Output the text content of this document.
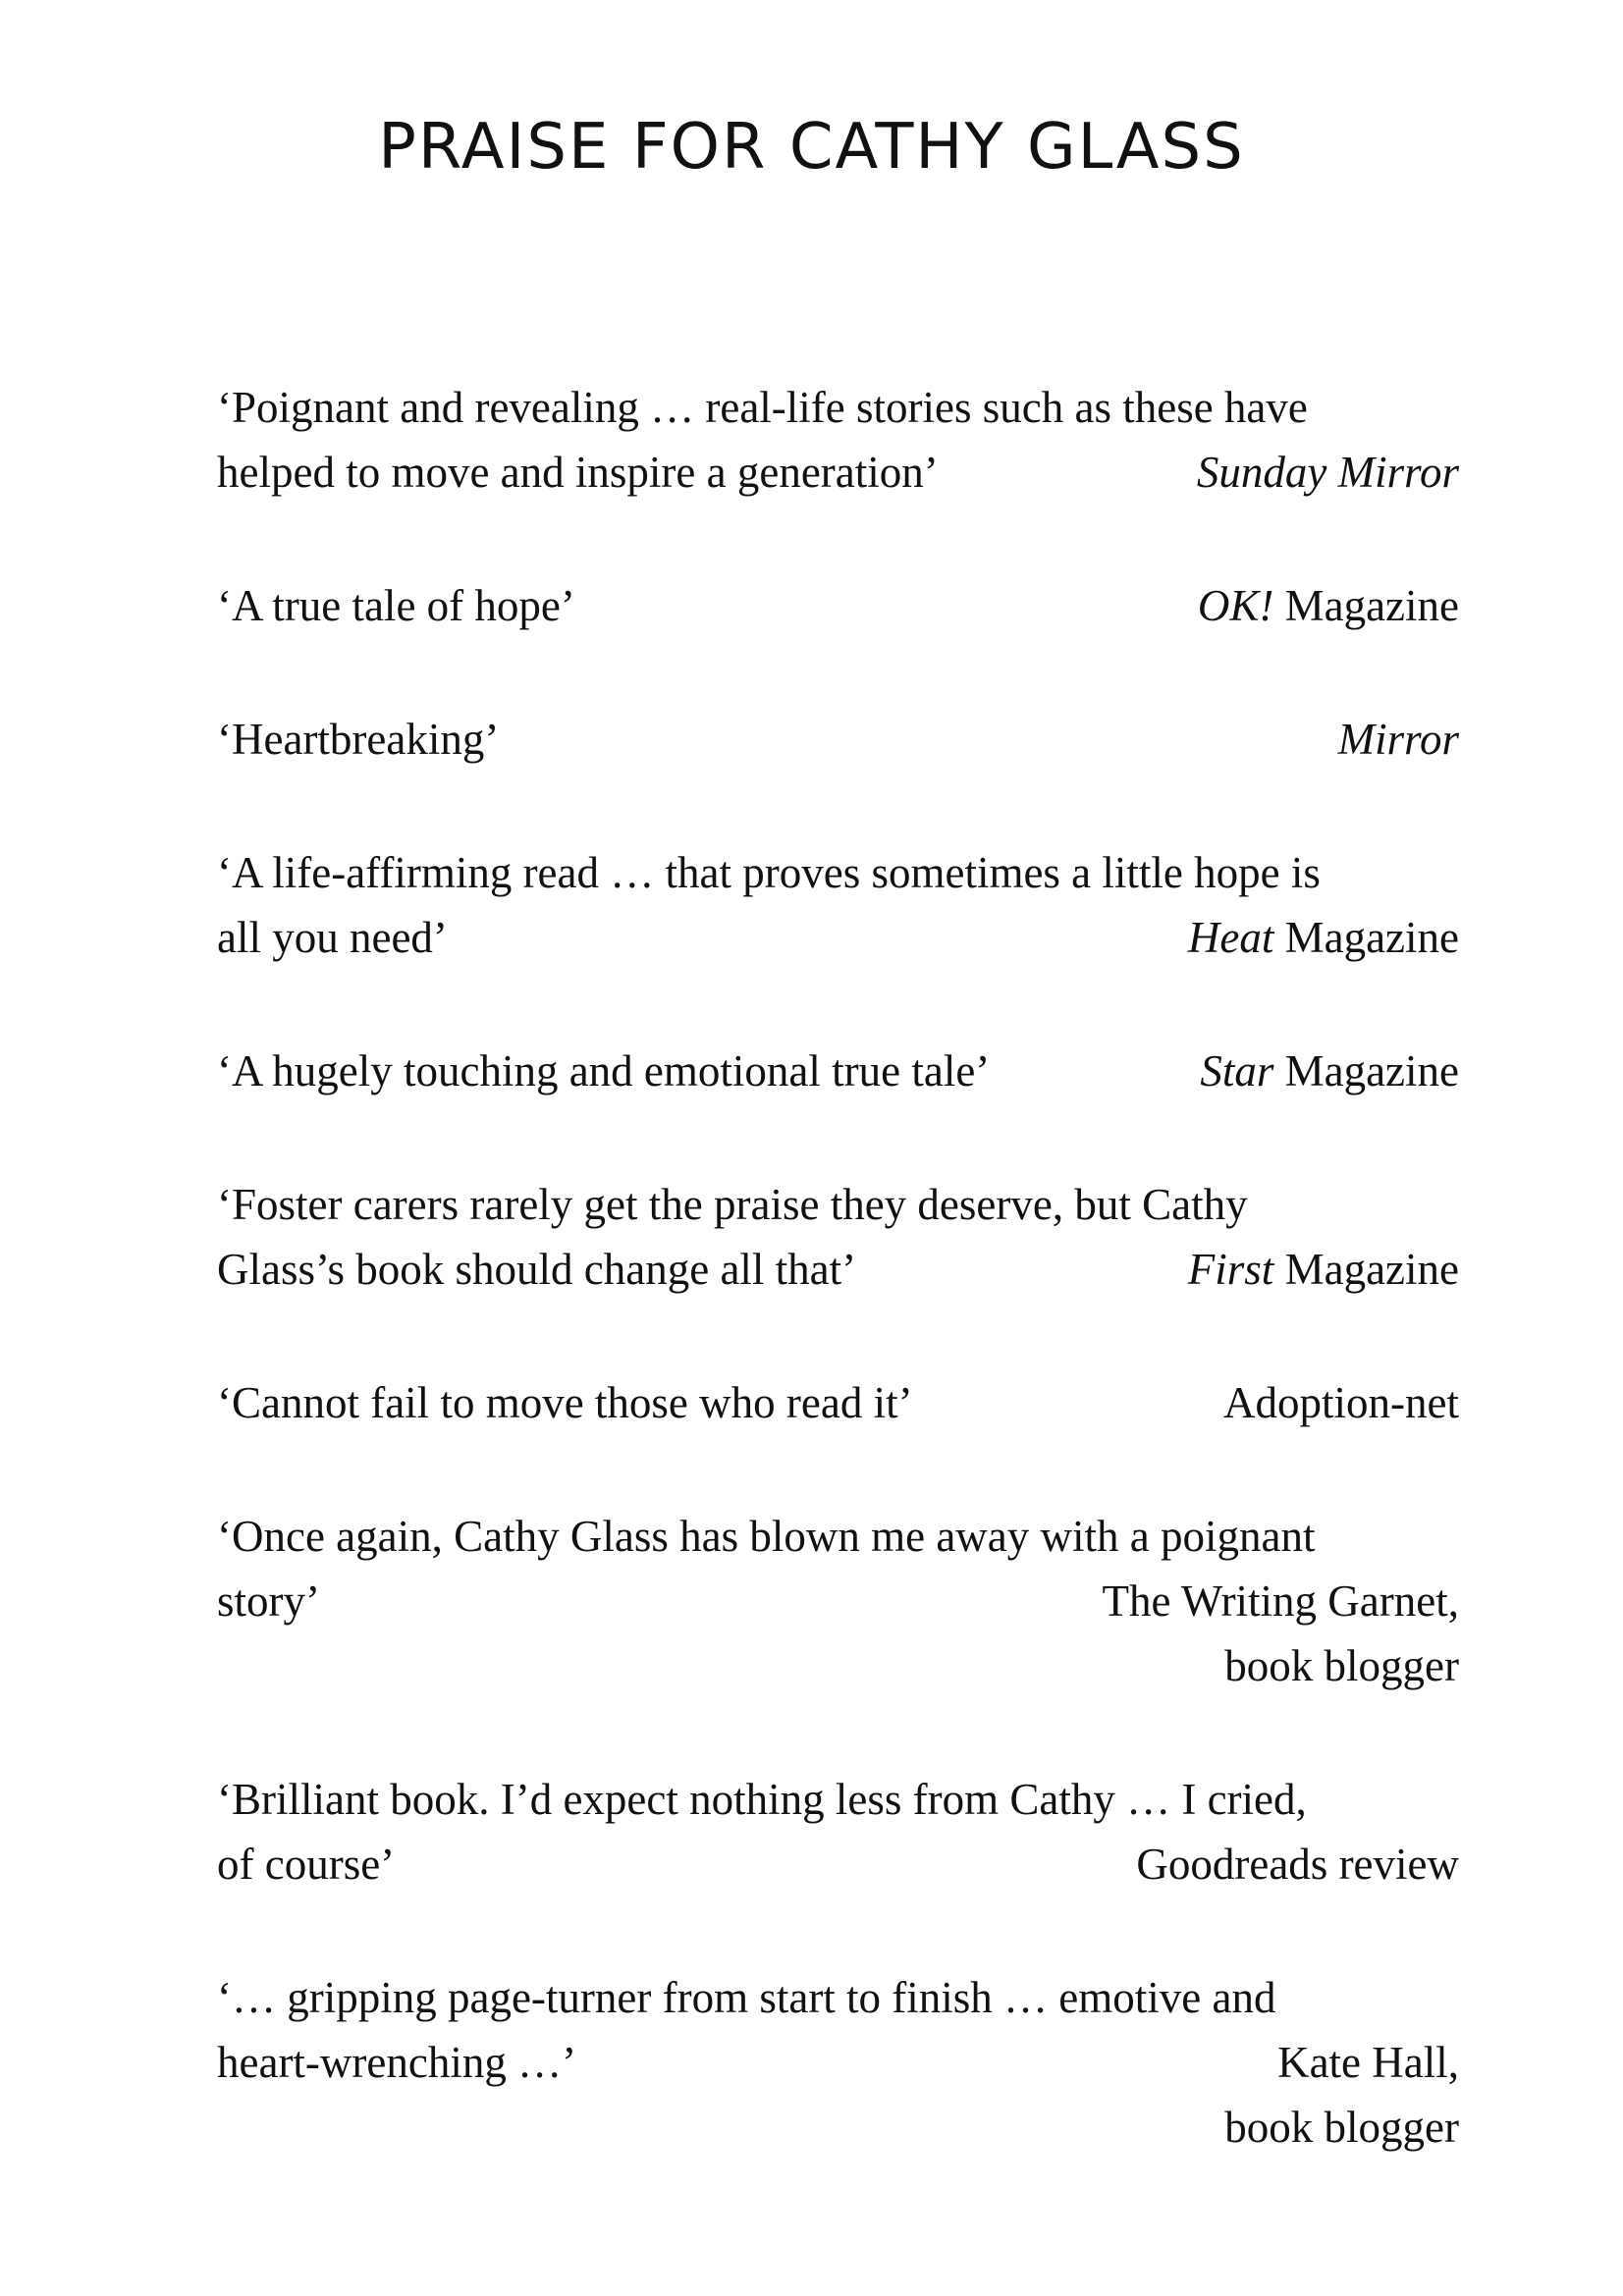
PRAISE FOR CATHY GLASS
‘Poignant and revealing … real-life stories such as these have
helped to move and inspire a generation’	Sunday Mirror
‘A true tale of hope’	OK! Magazine
‘Heartbreaking’	Mirror
‘A life-affirming read … that proves sometimes a little hope is
all you need’	Heat Magazine
‘A hugely touching and emotional true tale’	Star Magazine
‘Foster carers rarely get the praise they deserve, but Cathy
Glass’s book should change all that’	First Magazine
‘Cannot fail to move those who read it’	Adoption-net
‘Once again, Cathy Glass has blown me away with a poignant
story’	The Writing Garnet,
book blogger
‘Brilliant book. I’d expect nothing less from Cathy … I cried,
of course’	Goodreads review
‘… gripping page-turner from start to finish … emotive and
heart-wrenching …’	Kate Hall,
book blogger
